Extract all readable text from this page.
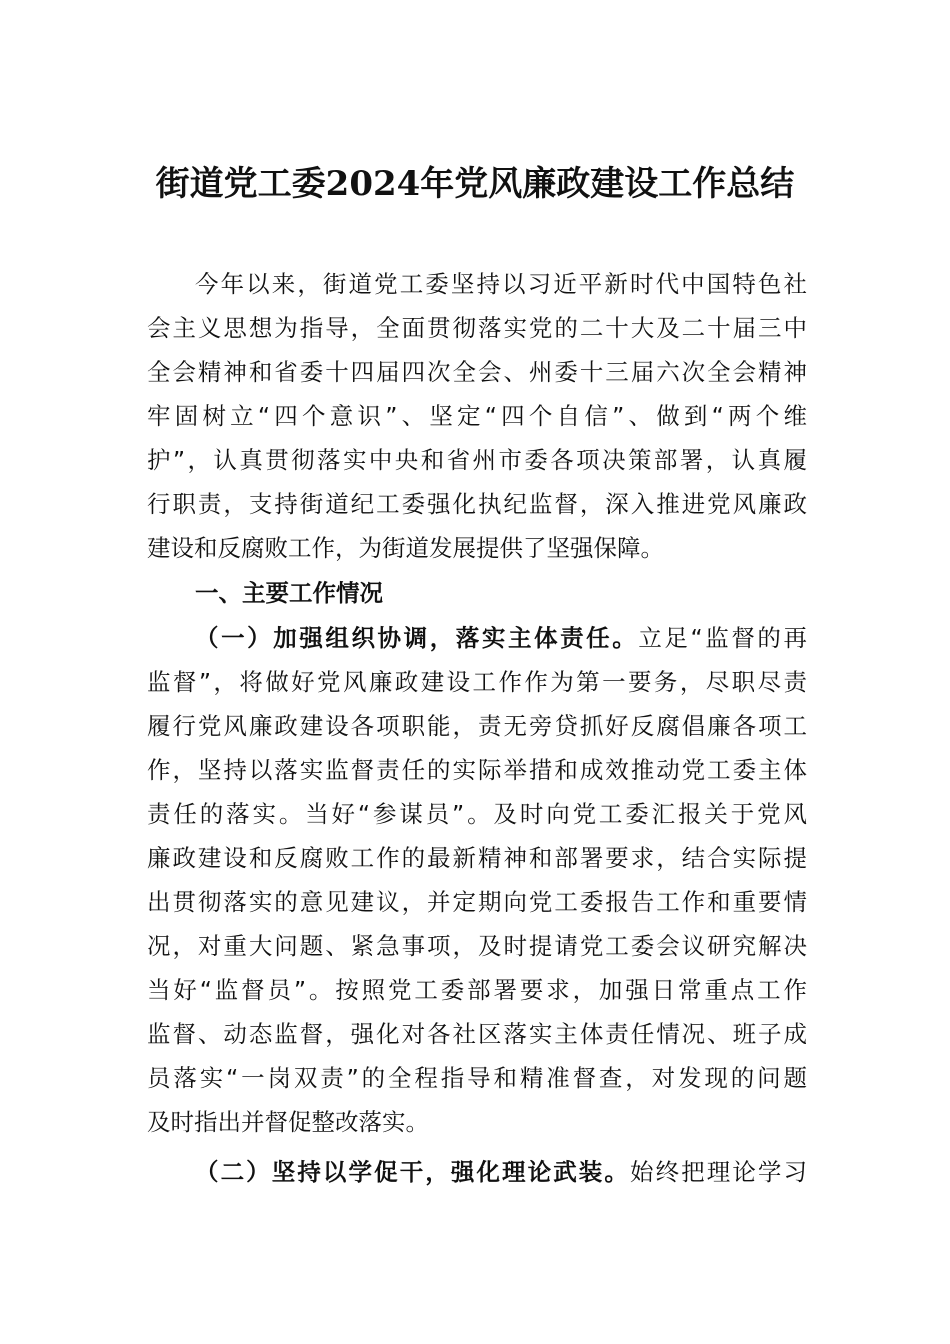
街道党工委2024年党风廉政建设工作总结
今年以来，街道党工委坚持以习近平新时代中国特色社
会主义思想为指导，全面贯彻落实党的二十大及二十届三中
全会精神和省委十四届四次全会、州委十三届六次全会精神
牢固树立“四个意识”、坚定“四个自信”、做到“两个维
护”，认真贯彻落实中央和省州市委各项决策部署，认真履
行职责，支持街道纪工委强化执纪监督，深入推进党风廉政
建设和反腐败工作，为街道发展提供了坚强保障。
一、主要工作情况
（一）加强组织协调，落实主体责任。立足“监督的再
监督”，将做好党风廉政建设工作作为第一要务，尽职尽责
履行党风廉政建设各项职能，责无旁贷抓好反腐倡廉各项工
作，坚持以落实监督责任的实际举措和成效推动党工委主体
责任的落实。当好“参谋员”。及时向党工委汇报关于党风
廉政建设和反腐败工作的最新精神和部署要求，结合实际提
出贯彻落实的意见建议，并定期向党工委报告工作和重要情
况，对重大问题、紧急事项，及时提请党工委会议研究解决
当好“监督员”。按照党工委部署要求，加强日常重点工作
监督、动态监督，强化对各社区落实主体责任情况、班子成
员落实“一岗双责”的全程指导和精准督查，对发现的问题
及时指出并督促整改落实。
（二）坚持以学促干，强化理论武装。始终把理论学习
